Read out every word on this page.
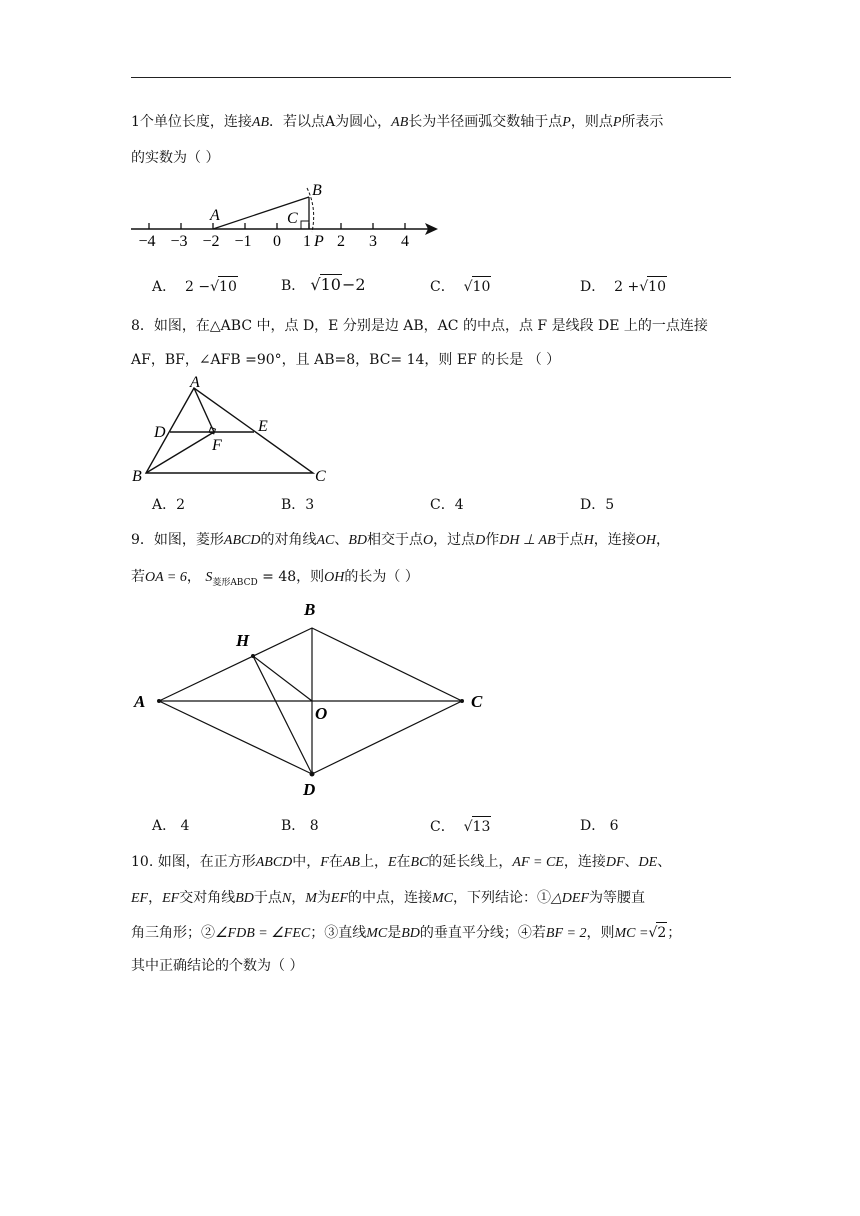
1个单位长度，连接AB．若以点A为圆心，AB长为半径画弧交数轴于点P，则点P所表示
的实数为（ ）
A
B
C
P
−4 −3 −2 −1 0 1 2 3 4
A． 2 −√10	B． √10−2	C．  √10	D． 2 +√10
8．如图，在△ABC 中，点 D，E 分别是边 AB，AC 的中点，点 F 是线段 DE 上的一点连接
AF，BF，∠AFB =90°，且 AB=8，BC= 14，则 EF 的长是 （ ）
A
D	E
F
B	C
A．2	B．3	C．4	D．5
9．如图，菱形ABCD的对角线AC、BD相交于点O，过点D作DH ⊥ AB于点H，连接OH，
若OA = 6， $S_{菱形ABCD} = 48$，则OH的长为（ ）
B
H
A
O
C
D
A． 4	B． 8	C．  √13	D． 6
10. 如图，在正方形ABCD中，F在AB上，E在BC的延长线上，AF = CE，连接DF、DE、
EF，EF交对角线BD于点N，M为EF的中点，连接MC，下列结论：①△DEF为等腰直
角三角形；②∠FDB = ∠FEC；③直线MC是BD的垂直平分线；④若BF = 2，则MC =√2；
其中正确结论的个数为（ ）
